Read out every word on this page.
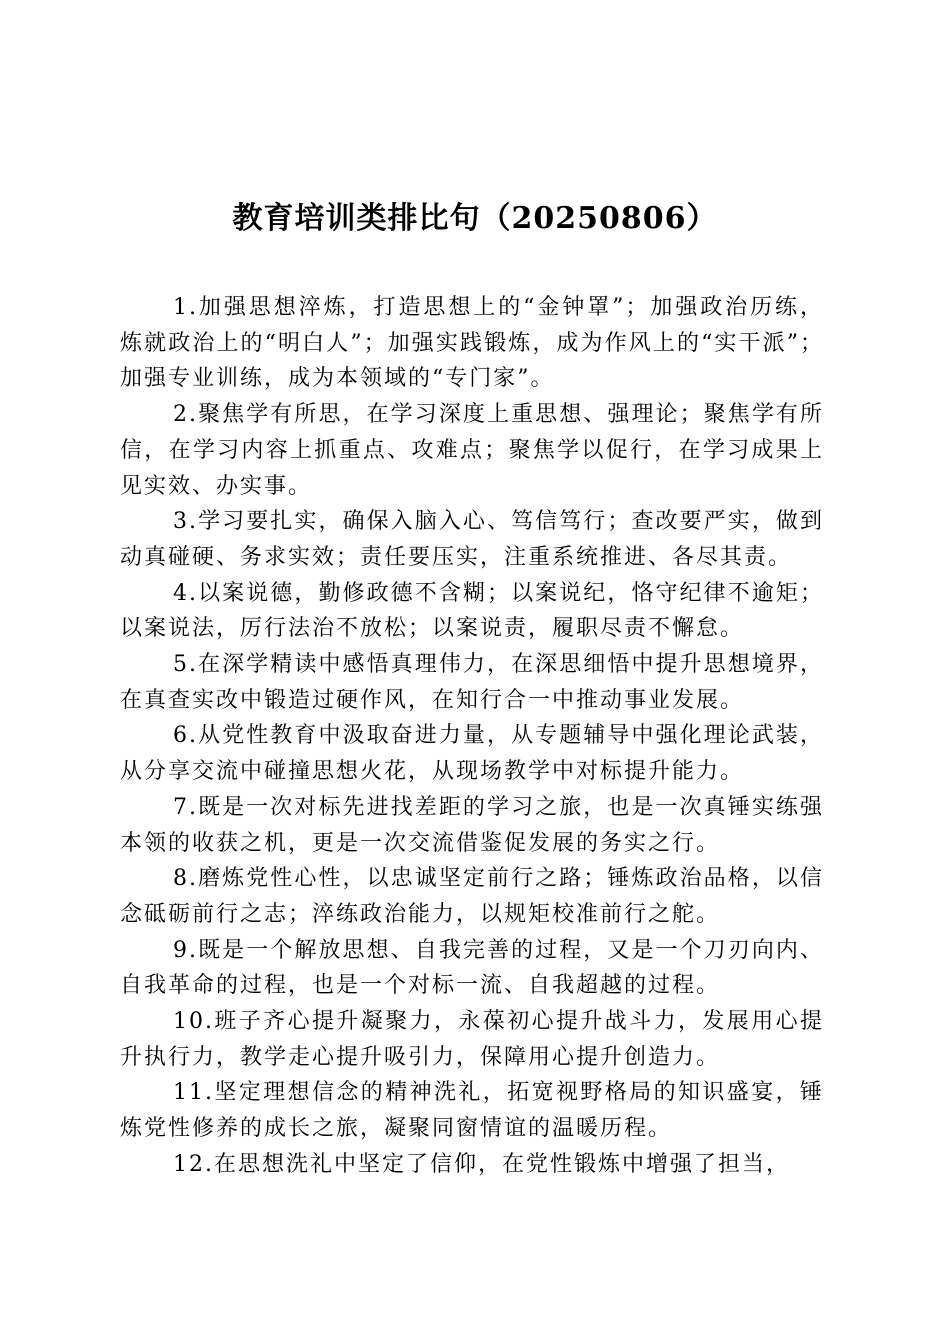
教育培训类排比句（20250806）

1.加强思想淬炼，打造思想上的“金钟罩”；加强政治历练，炼就政治上的“明白人”；加强实践锻炼，成为作风上的“实干派”；加强专业训练，成为本领域的“专门家”。

2.聚焦学有所思，在学习深度上重思想、强理论；聚焦学有所信，在学习内容上抓重点、攻难点；聚焦学以促行，在学习成果上见实效、办实事。

3.学习要扎实，确保入脑入心、笃信笃行；查改要严实，做到动真碰硬、务求实效；责任要压实，注重系统推进、各尽其责。

4.以案说德，勤修政德不含糊；以案说纪，恪守纪律不逾矩；以案说法，厉行法治不放松；以案说责，履职尽责不懈怠。

5.在深学精读中感悟真理伟力，在深思细悟中提升思想境界，在真查实改中锻造过硬作风，在知行合一中推动事业发展。

6.从党性教育中汲取奋进力量，从专题辅导中强化理论武装，从分享交流中碰撞思想火花，从现场教学中对标提升能力。

7.既是一次对标先进找差距的学习之旅，也是一次真锤实练强本领的收获之机，更是一次交流借鉴促发展的务实之行。

8.磨炼党性心性，以忠诚坚定前行之路；锤炼政治品格，以信念砥砺前行之志；淬练政治能力，以规矩校准前行之舵。

9.既是一个解放思想、自我完善的过程，又是一个刀刃向内、自我革命的过程，也是一个对标一流、自我超越的过程。

10.班子齐心提升凝聚力，永葆初心提升战斗力，发展用心提升执行力，教学走心提升吸引力，保障用心提升创造力。

11.坚定理想信念的精神洗礼，拓宽视野格局的知识盛宴，锤炼党性修养的成长之旅，凝聚同窗情谊的温暖历程。

12.在思想洗礼中坚定了信仰，在党性锻炼中增强了担当，
